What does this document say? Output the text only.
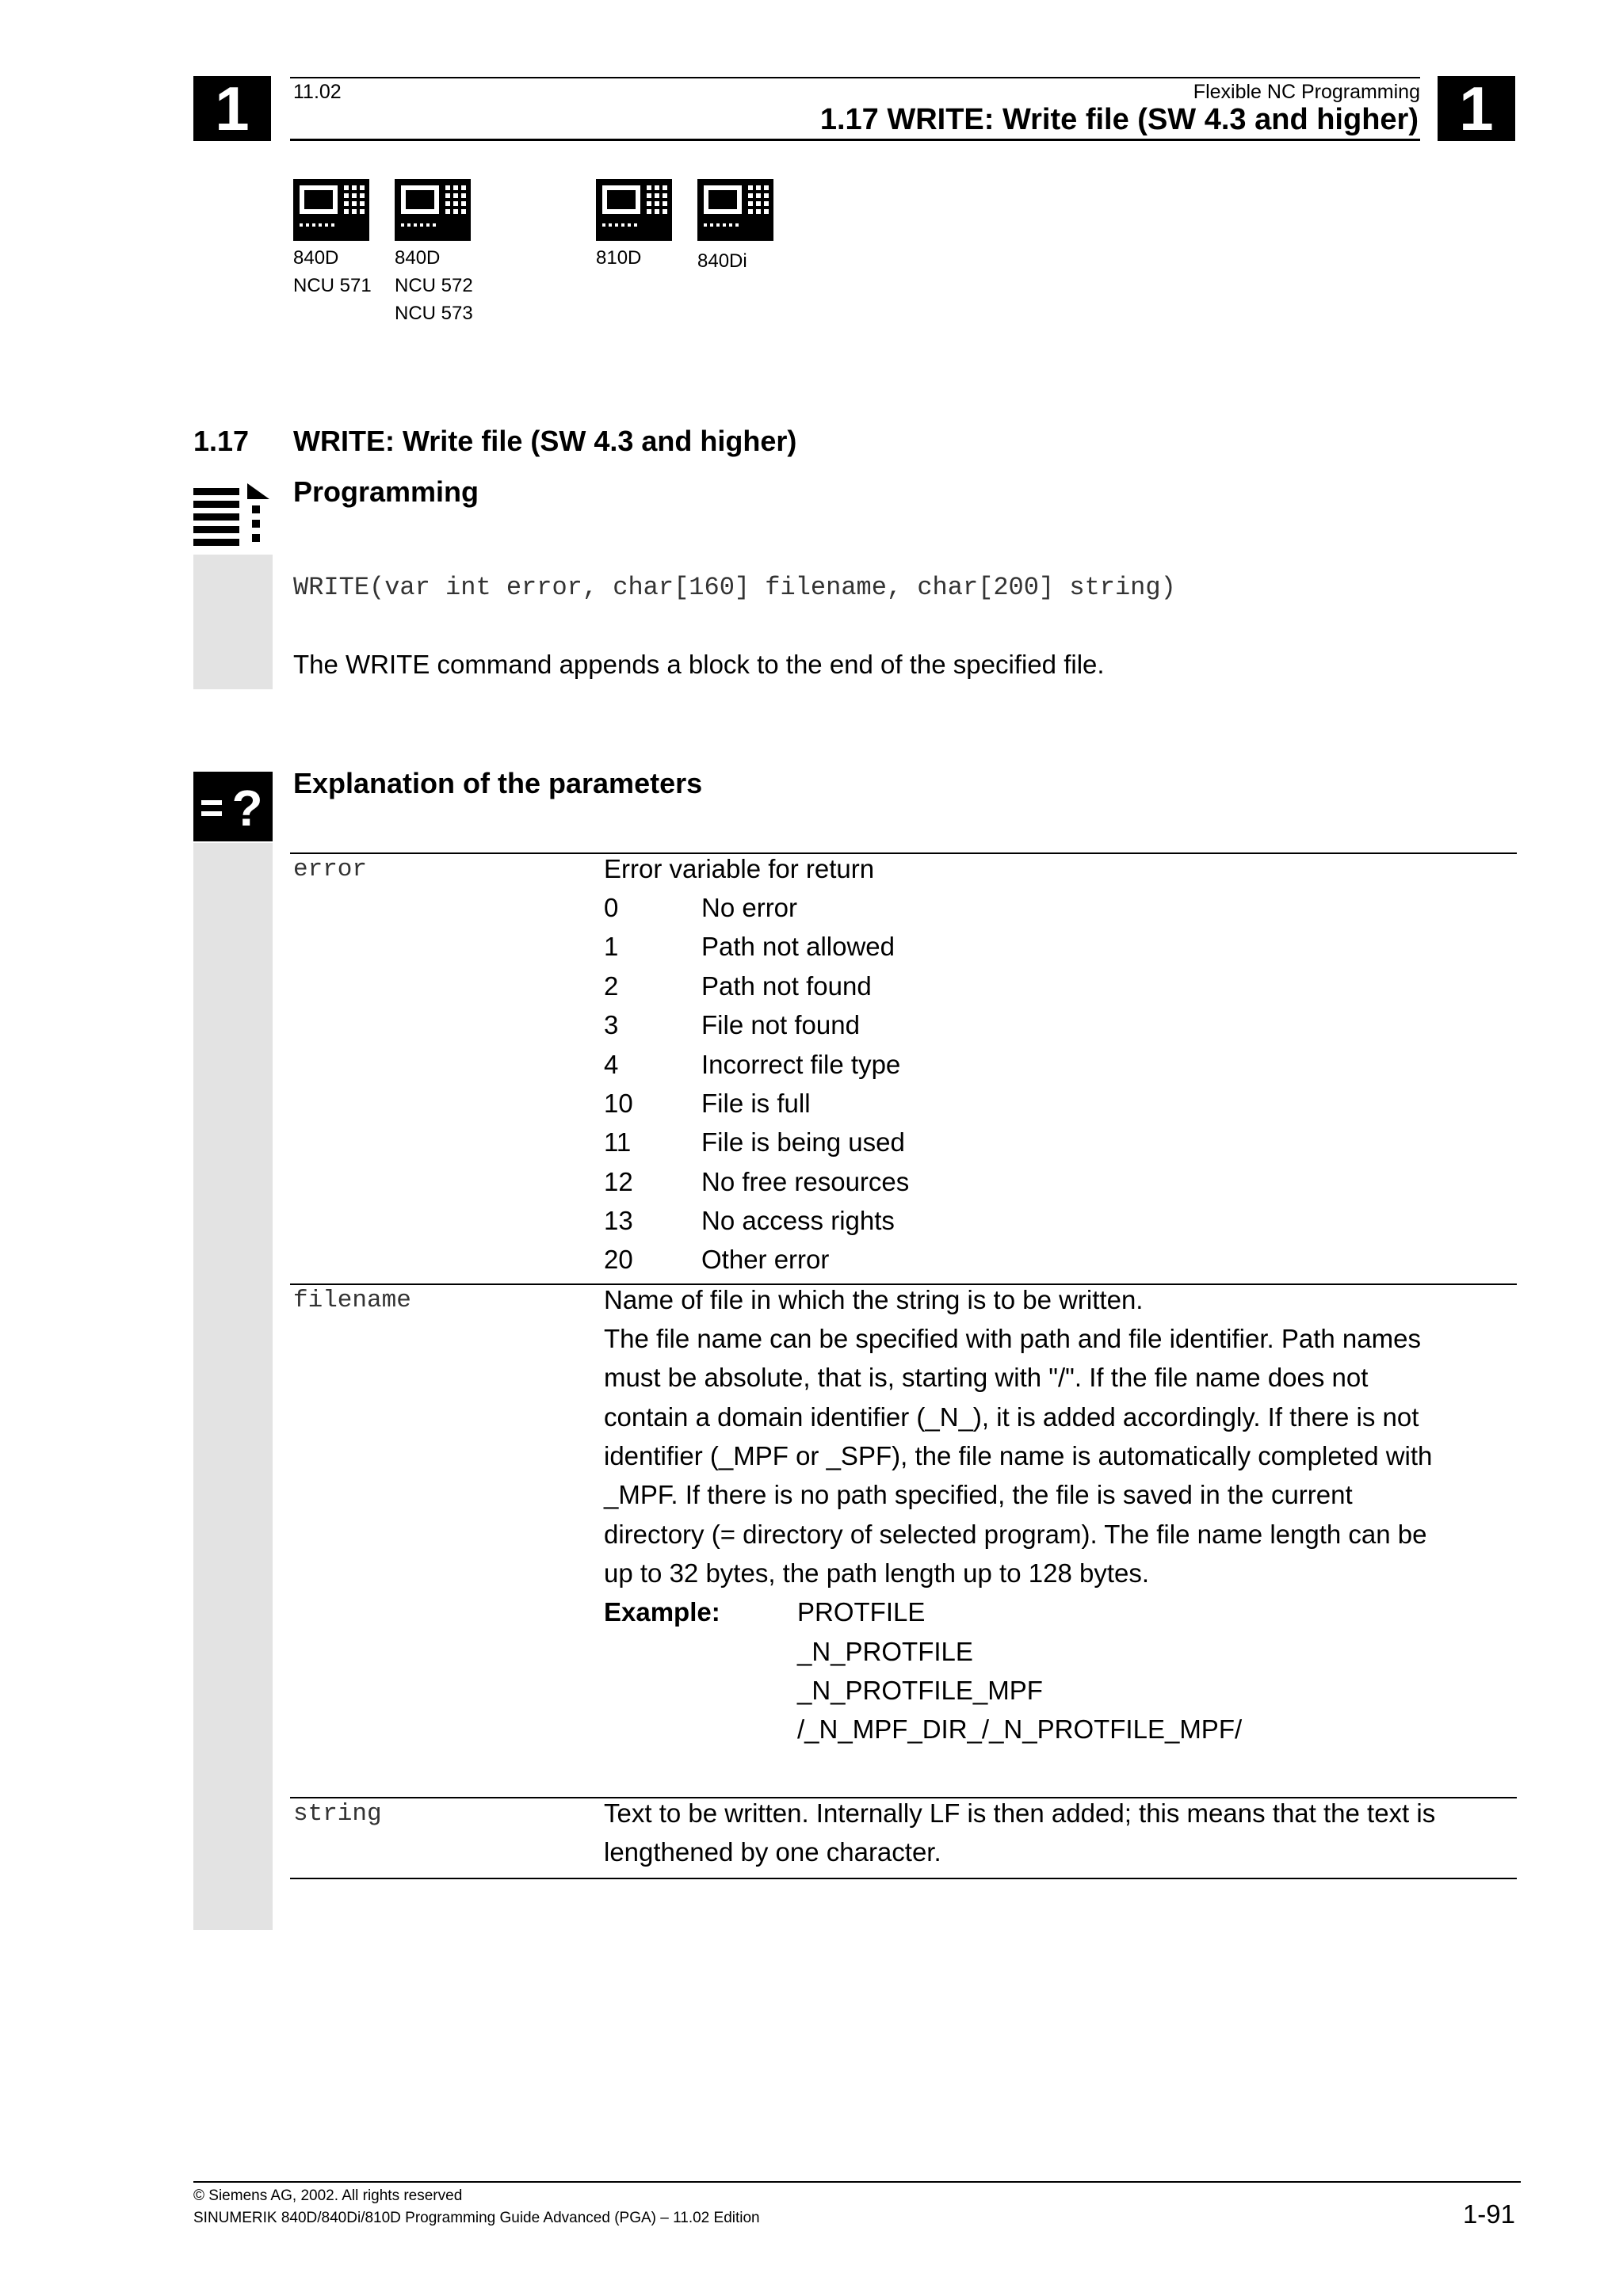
1	1
11.02	Flexible NC Programming
1.17 WRITE: Write file (SW 4.3 and higher)
840D
NCU 571
840D
NCU 572
NCU 573
810D	840Di
1.17 WRITE: Write file (SW 4.3 and higher)
Programming
WRITE(var int error, char[160] filename, char[200] string)
The WRITE command appends a block to the end of the specified file.
? Explanation of the parameters
error	Error variable for return
0	No error
1	Path not allowed
2	Path not found
3	File not found
4	Incorrect file type
10	File is full
11	File is being used
12	No free resources
13	No access rights
20	Other error
filename	Name of file in which the string is to be written.
The file name can be specified with path and file identifier. Path names
must be absolute, that is, starting with "/". If the file name does not
contain a domain identifier (_N_), it is added accordingly. If there is not
identifier (_MPF or _SPF), the file name is automatically completed with
_MPF. If there is no path specified, the file is saved in the current
directory (= directory of selected program). The file name length can be
up to 32 bytes, the path length up to 128 bytes.
Example:	PROTFILE
_N_PROTFILE
_N_PROTFILE_MPF
/_N_MPF_DIR_/_N_PROTFILE_MPF/
string	Text to be written. Internally LF is then added; this means that the text is
lengthened by one character.
© Siemens AG, 2002. All rights reserved
SINUMERIK 840D/840Di/810D Programming Guide Advanced (PGA) – 11.02 Edition	1-91
